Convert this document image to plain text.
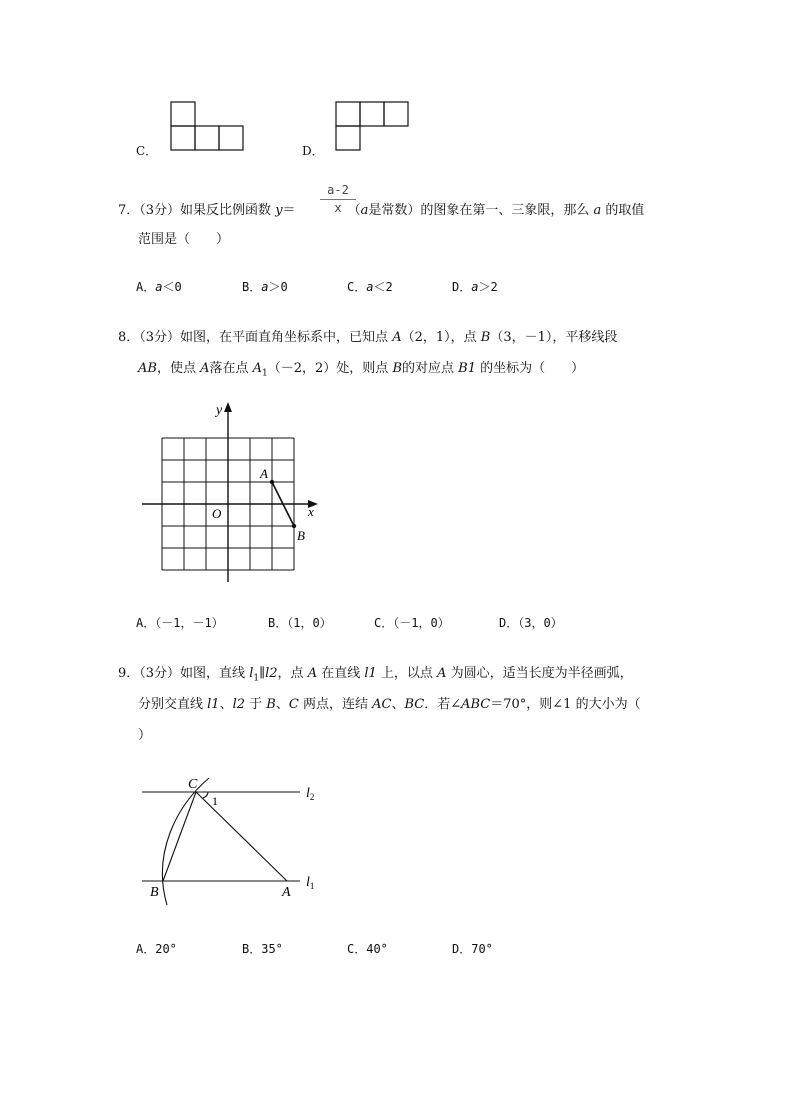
C．	D．
7．（3分）如果反比例函数 y＝	（a是常数）的图象在第一、三象限，那么 a 的取值
a-2
x
范围是（　　）
A．a＜0	B．a＞0	C．a＜2	D．a＞2
8．（3分）如图，在平面直角坐标系中，已知点 A（2，1），点 B（3，－1），平移线段
AB，使点 A落在点 $A_1(-2$，2）处，则点 B的对应点 B1 的坐标为（　　）
y
x
O
A
B
A．（－1，－1）	B．（1，0）	C．（－1，0）	D．（3，0）
9．（3分）如图，直线 $l_1\parallel l2$，点 A 在直线 l1 上，以点 A 为圆心，适当长度为半径画弧，
分别交直线 l1、l2 于 B、C 两点，连结 AC、BC．若∠ABC＝70°，则∠1 的大小为（
）
C
B	A
1	$l_2$
$l_1$
A．20°	B．35°	C．40°	D．70°
